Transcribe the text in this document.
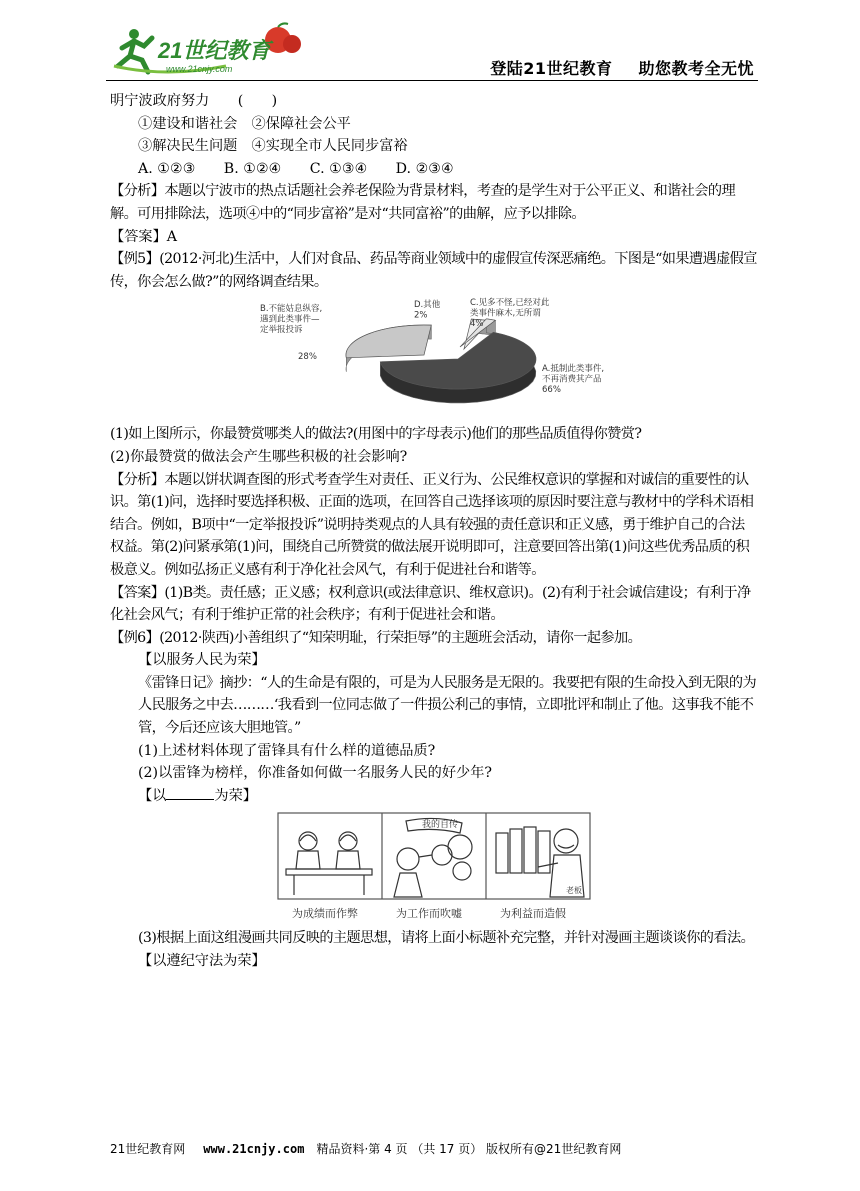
21世纪教育
www.21cnjy.com	登陆21世纪教育 助您教考全无忧

明宁波政府努力　　(　　)

①建设和谐社会　②保障社会公平

③解决民生问题　④实现全市人民同步富裕

A. ①②③　　B. ①②④　　C. ①③④　　D. ②③④

【分析】本题以宁波市的热点话题社会养老保险为背景材料，考查的是学生对于公平正义、和谐社会的理解。可用排除法，选项④中的“同步富裕”是对“共同富裕”的曲解，应予以排除。

【答案】A

【例5】(2012·河北)生活中，人们对食品、药品等商业领域中的虚假宣传深恶痛绝。下图是“如果遭遇虚假宣传，你会怎么做?”的网络调查结果。

B.不能姑息纵容,遇到此类事件—定举报投诉
28%
D.其他 2%
C.见多不怪,已经对此类事件麻木,无所谓 4%
A.抵制此类事件,不再消费其产品 66%

(1)如上图所示，你最赞赏哪类人的做法?(用图中的字母表示)他们的那些品质值得你赞赏?

(2)你最赞赏的做法会产生哪些积极的社会影响?

【分析】本题以饼状调查图的形式考查学生对责任、正义行为、公民维权意识的掌握和对诚信的重要性的认识。第(1)问，选择时要选择积极、正面的选项，在回答自己选择该项的原因时要注意与教材中的学科术语相结合。例如，B项中“一定举报投诉”说明持类观点的人具有较强的责任意识和正义感，勇于维护自己的合法权益。第(2)问紧承第(1)问，围绕自己所赞赏的做法展开说明即可，注意要回答出第(1)问这些优秀品质的积极意义。例如弘扬正义感有利于净化社会风气，有利于促进社台和谐等。

【答案】(1)B类。责任感；正义感；权利意识(或法律意识、维权意识)。(2)有利于社会诚信建设；有利于净化社会风气；有利于维护正常的社会秩序；有利于促进社会和谐。

【例6】(2012·陕西)小善组织了“知荣明耻，行荣拒辱”的主题班会活动，请你一起参加。

【以服务人民为荣】

《雷锋日记》摘抄：“人的生命是有限的，可是为人民服务是无限的。我要把有限的生命投入到无限的为人民服务之中去………‘我看到一位同志做了一件损公利己的事情，立即批评和制止了他。这事我不能不管，今后还应该大胆地管。”

(1)上述材料体现了雷锋具有什么样的道德品质?

(2)以雷锋为榜样，你准备如何做一名服务人民的好少年?

【以	为荣】

我的自传
老板
为成绩而作弊	为工作而吹嘘	为利益而造假

(3)根据上面这组漫画共同反映的主题思想，请将上面小标题补充完整，并针对漫画主题谈谈你的看法。

【以遵纪守法为荣】

21世纪教育网 www.21cnjy.com 精品资料·第 4 页 （共 17 页） 版权所有@21世纪教育网
